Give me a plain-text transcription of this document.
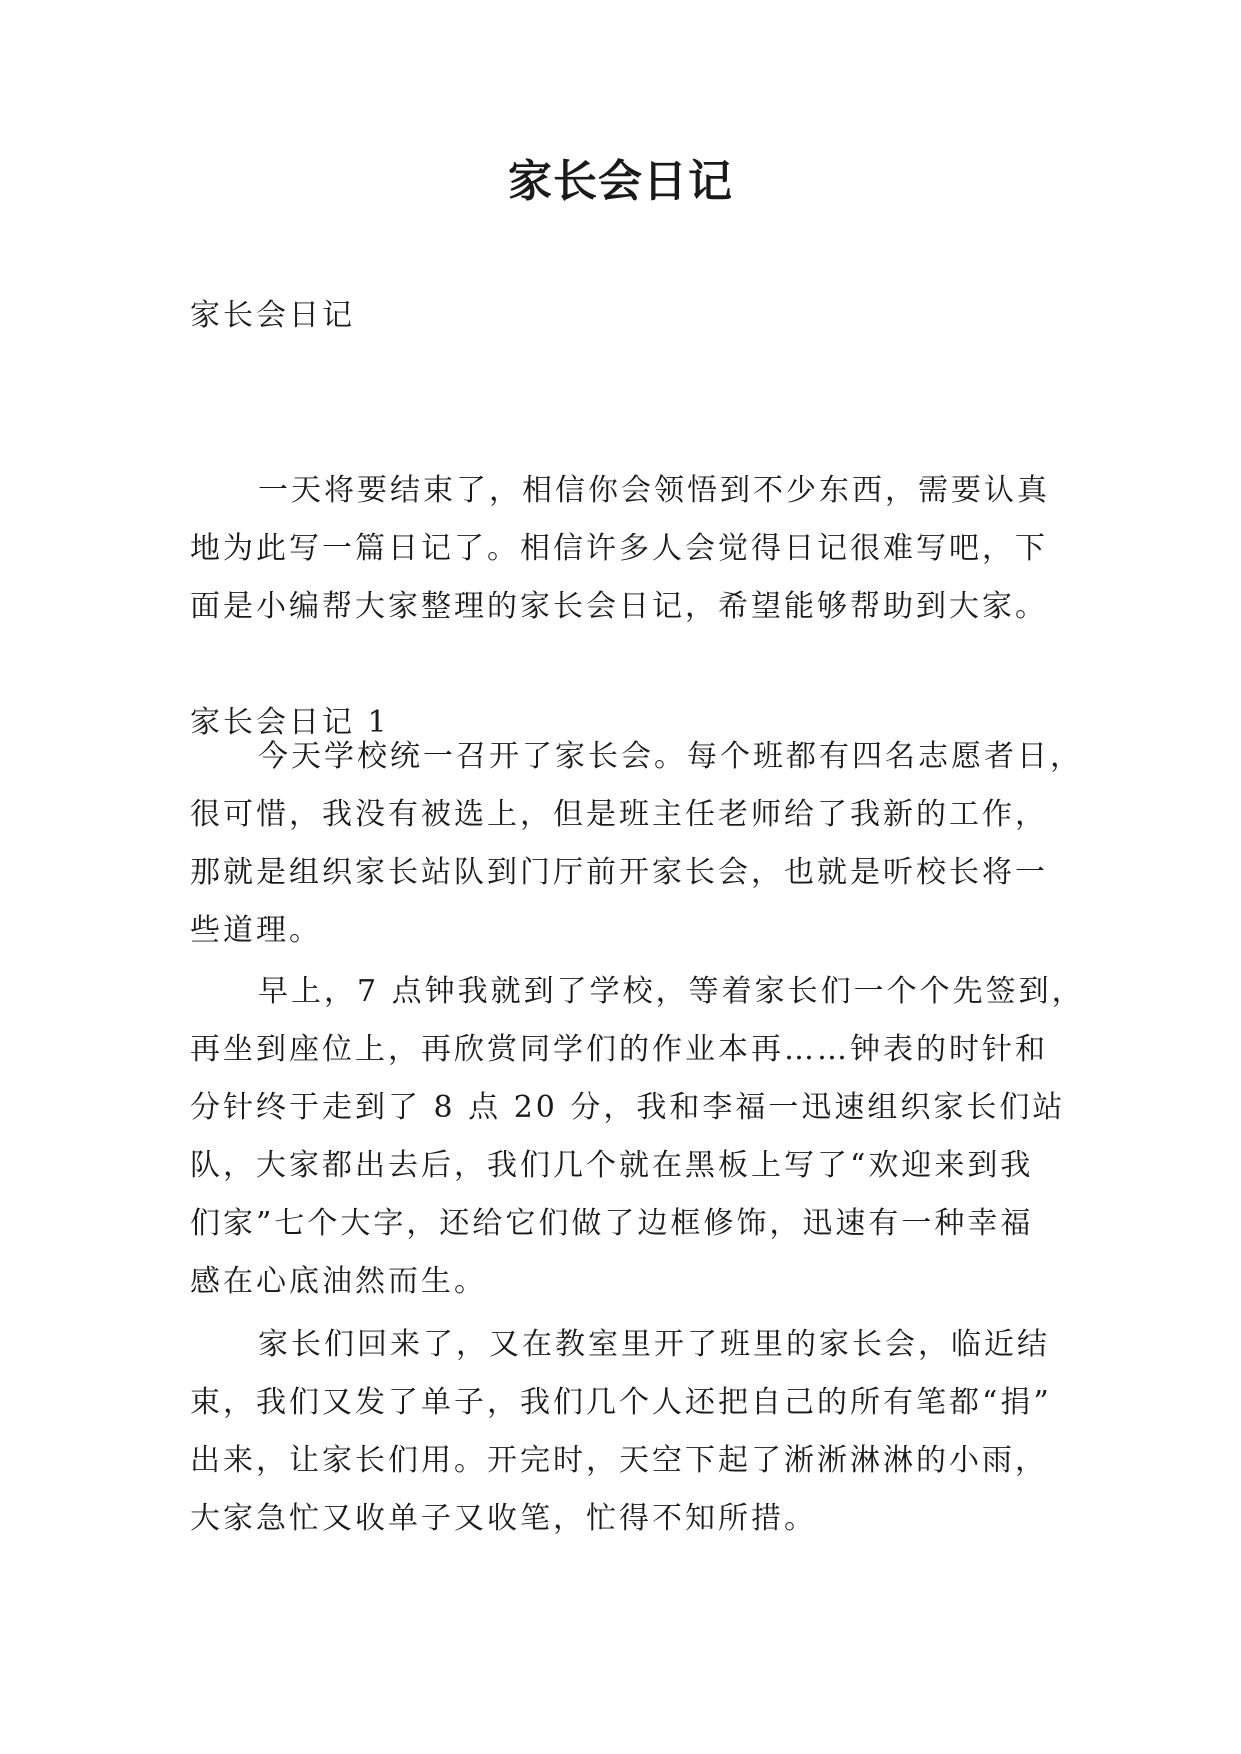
家长会日记

家长会日记

一天将要结束了，相信你会领悟到不少东西，需要认真
地为此写一篇日记了。相信许多人会觉得日记很难写吧，下
面是小编帮大家整理的家长会日记，希望能够帮助到大家。

家长会日记 1

今天学校统一召开了家长会。每个班都有四名志愿者日，
很可惜，我没有被选上，但是班主任老师给了我新的工作，
那就是组织家长站队到门厅前开家长会，也就是听校长将一
些道理。

早上，7 点钟我就到了学校，等着家长们一个个先签到，
再坐到座位上，再欣赏同学们的作业本再……钟表的时针和
分针终于走到了 8 点 20 分，我和李福一迅速组织家长们站
队，大家都出去后，我们几个就在黑板上写了“欢迎来到我
们家”七个大字，还给它们做了边框修饰，迅速有一种幸福
感在心底油然而生。

家长们回来了，又在教室里开了班里的家长会，临近结
束，我们又发了单子，我们几个人还把自己的所有笔都“捐”
出来，让家长们用。开完时，天空下起了淅淅淋淋的小雨，
大家急忙又收单子又收笔，忙得不知所措。
